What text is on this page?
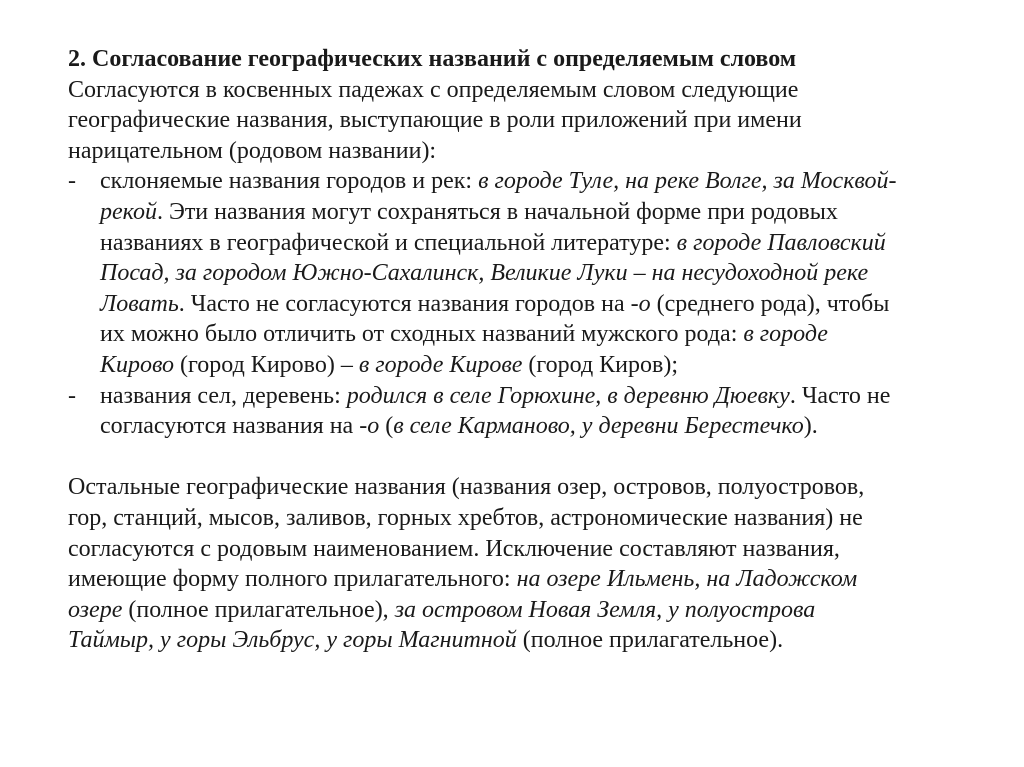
2. Согласование географических названий с определяемым словом
Согласуются в косвенных падежах с определяемым словом следующие
географические названия, выступающие в роли приложений при имени
нарицательном (родовом названии):
- склоняемые названия городов и рек: в городе Туле, на реке Волге, за Москвой-
рекой. Эти названия могут сохраняться в начальной форме при родовых
названиях в географической и специальной литературе: в городе Павловский
Посад, за городом Южно-Сахалинск, Великие Луки – на несудоходной реке
Ловать. Часто не согласуются названия городов на -о (среднего рода), чтобы
их можно было отличить от сходных названий мужского рода: в городе
Кирово (город Кирово) – в городе Кирове (город Киров);
- названия сел, деревень: родился в селе Горюхине, в деревню Дюевку. Часто не
согласуются названия на -о (в селе Карманово, у деревни Берестечко).
Остальные географические названия (названия озер, островов, полуостровов,
гор, станций, мысов, заливов, горных хребтов, астрономические названия) не
согласуются с родовым наименованием. Исключение составляют названия,
имеющие форму полного прилагательного: на озере Ильмень, на Ладожском
озере (полное прилагательное), за островом Новая Земля, у полуострова
Таймыр, у горы Эльбрус, у горы Магнитной (полное прилагательное).
